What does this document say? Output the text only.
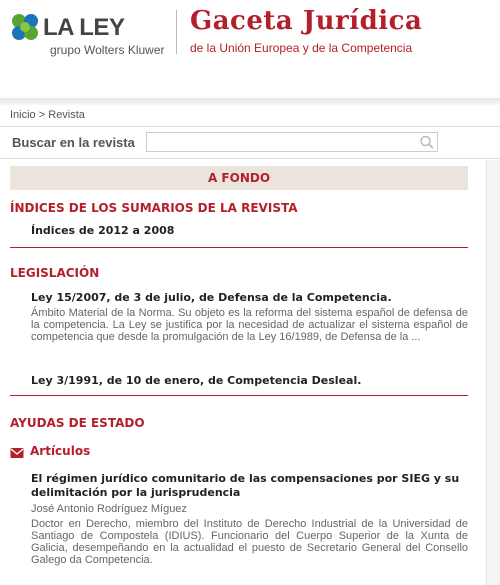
LA LEY
grupo Wolters Kluwer
Gaceta Jurídica
de la Unión Europea y de la Competencia
Inicio > Revista
Buscar en la revista
A FONDO
ÍNDICES DE LOS SUMARIOS DE LA REVISTA
Índices de 2012 a 2008
LEGISLACIÓN
Ley 15/2007, de 3 de julio, de Defensa de la Competencia.
Ámbito Material de la Norma. Su objeto es la reforma del sistema español de defensa de la competencia. La Ley se justifica por la necesidad de actualizar el sistema español de competencia que desde la promulgación de la Ley 16/1989, de Defensa de la ...
Ley 3/1991, de 10 de enero, de Competencia Desleal.
AYUDAS DE ESTADO
Artículos
El régimen jurídico comunitario de las compensaciones por SIEG y su delimitación por la jurisprudencia
José Antonio Rodríguez Míguez
Doctor en Derecho, miembro del Instituto de Derecho Industrial de la Universidad de Santiago de Compostela (IDIUS). Funcionario del Cuerpo Superior de la Xunta de Galicia, desempeñando en la actualidad el puesto de Secretario General del Consello Galego da Competencia.
